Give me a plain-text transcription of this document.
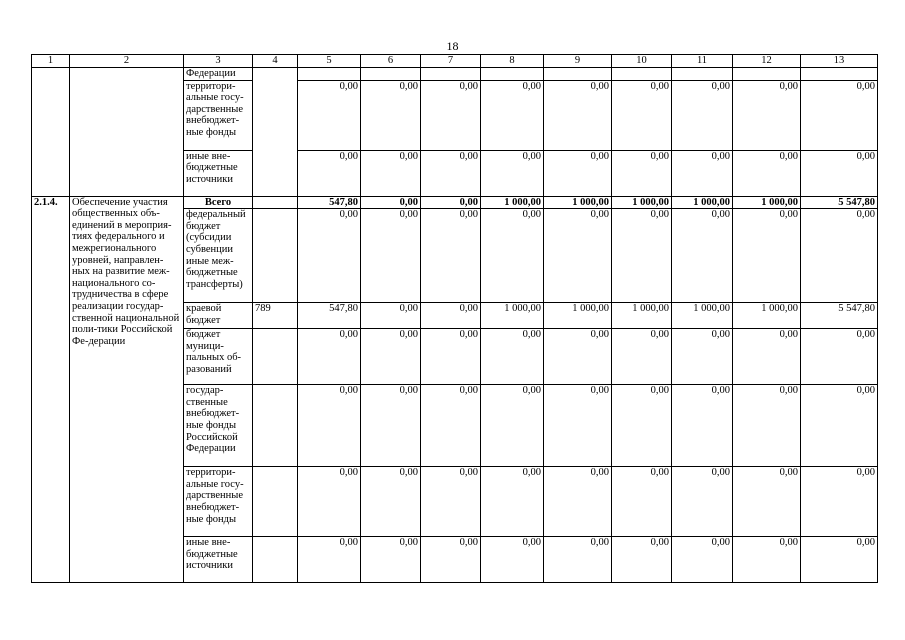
18
1	2	3	4	5	6	7	8	9	10	11	12	13
		Федерации										
		территори-альные госу-дарственные внебюджет-ные фонды		0,00	0,00	0,00	0,00	0,00	0,00	0,00	0,00	0,00
		иные вне-бюджетные источники		0,00	0,00	0,00	0,00	0,00	0,00	0,00	0,00	0,00
2.1.4.	Обеспечение участия общественных объ-единений в мероприя-тиях федерального и межрегионального уровней, направлен-ных на развитие меж-национального со-трудничества в сфере реализации государ-ственной национальной поли-тики Российской Фе-дерации	Всего		547,80	0,00	0,00	1 000,00	1 000,00	1 000,00	1 000,00	1 000,00	5 547,80
		федеральный бюджет (субсидии субвенции иные меж-бюджетные трансферты)		0,00	0,00	0,00	0,00	0,00	0,00	0,00	0,00	0,00
		краевой бюджет	789	547,80	0,00	0,00	1 000,00	1 000,00	1 000,00	1 000,00	1 000,00	5 547,80
		бюджет муници-пальных об-разований		0,00	0,00	0,00	0,00	0,00	0,00	0,00	0,00	0,00
		государ-ственные внебюджет-ные фонды Российской Федерации		0,00	0,00	0,00	0,00	0,00	0,00	0,00	0,00	0,00
		территори-альные госу-дарственные внебюджет-ные фонды		0,00	0,00	0,00	0,00	0,00	0,00	0,00	0,00	0,00
		иные вне-бюджетные источники		0,00	0,00	0,00	0,00	0,00	0,00	0,00	0,00	0,00
